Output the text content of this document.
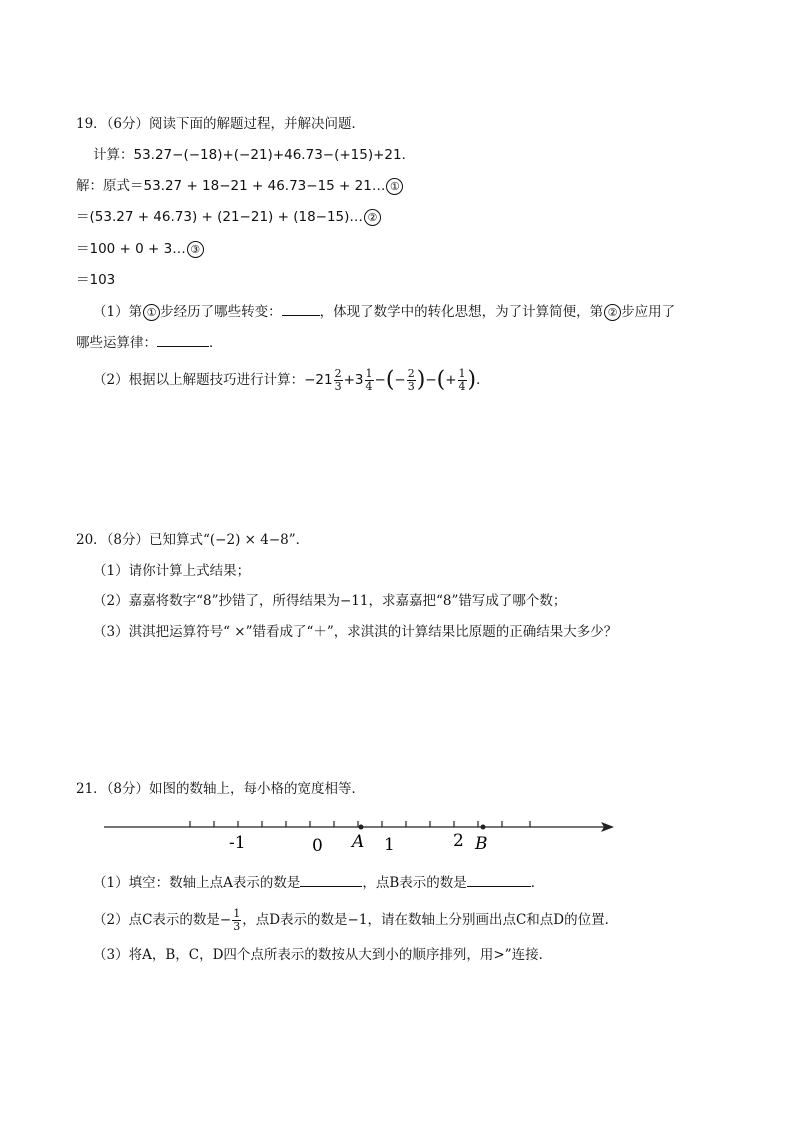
19．（6分）阅读下面的解题过程，并解决问题．
计算：53.27−(−18)+(−21)+46.73−(+15)+21．
解：原式＝53.27 + 18−21 + 46.73−15 + 21… ①
＝(53.27 + 46.73) + (21−21) + (18−15)… ②
＝100 + 0 + 3… ③
＝103
（1）第 ① 步经历了哪些转变：	，体现了数学中的转化思想，为了计算简便，第 ② 步应用了
哪些运算律：	．
（2）根据以上解题技巧进行计算：$-21 \frac{2}{3} +3 \frac{1}{4}$ −(− $\frac{2}{3}$ )−(+ $\frac{1}{4}$ )．
20．（8分）已知算式“(−2) × 4−8”．
（1）请你计算上式结果；
（2）嘉嘉将数字“8”抄错了，所得结果为−11，求嘉嘉把“8”错写成了哪个数；
（3）淇淇把运算符号“ ×”错看成了“＋”，求淇淇的计算结果比原题的正确结果大多少？
21．（8分）如图的数轴上，每小格的宽度相等．
-1	0 A 1	2 B
（1）填空：数轴上点A表示的数是	，点B表示的数是	．
（2）点C表示的数是− $\frac{1}{3}$ ，点D表示的数是−1，请在数轴上分别画出点C和点D的位置．
（3）将A，B，C，D四个点所表示的数按从大到小的顺序排列，用>”连接．
